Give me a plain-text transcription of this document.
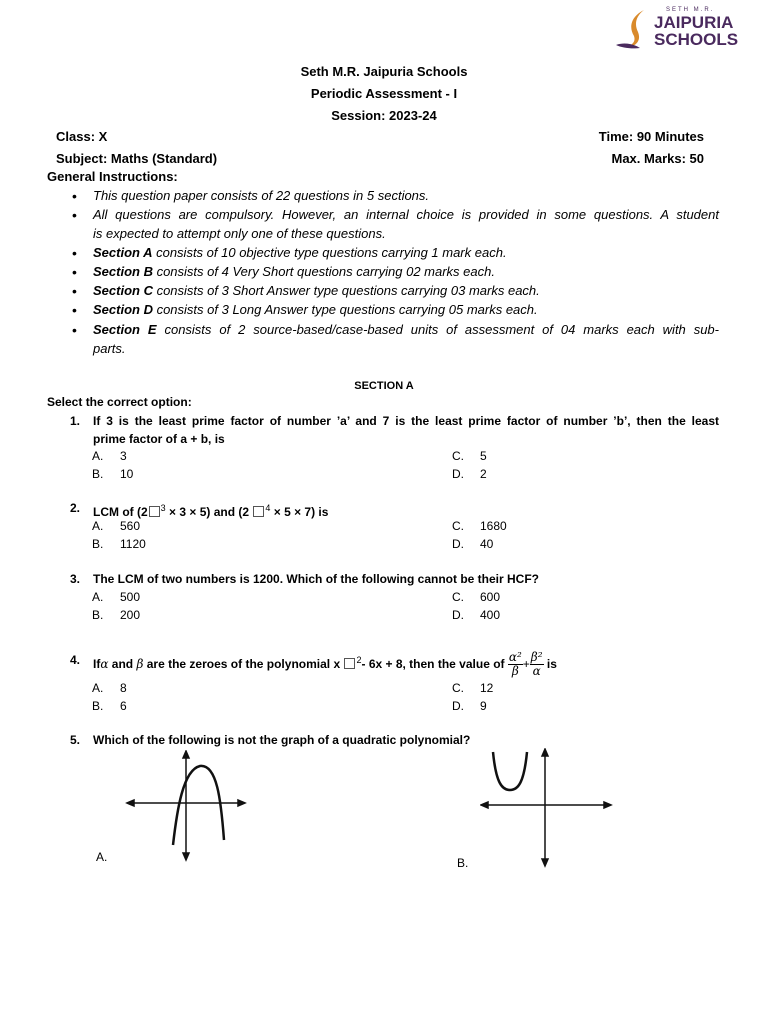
SETH M.R.
JAIPURIA
SCHOOLS
Seth M.R. Jaipuria Schools
Periodic Assessment - I
Session: 2023-24
Class: X	Time: 90 Minutes
Subject: Maths (Standard)	Max. Marks: 50
General Instructions:
• This question paper consists of 22 questions in 5 sections.
• All questions are compulsory. However, an internal choice is provided in some questions. A student
is expected to attempt only one of these questions.
• Section A consists of 10 objective type questions carrying 1 mark each.
• Section B consists of 4 Very Short questions carrying 02 marks each.
• Section C consists of 3 Short Answer type questions carrying 03 marks each.
• Section D consists of 3 Long Answer type questions carrying 05 marks each.
• Section E consists of 2 source-based/case-based units of assessment of 04 marks each with sub-
parts.
SECTION A
Select the correct option:
1. If 3 is the least prime factor of number ’a’ and 7 is the least prime factor of number ’b’, then the least
prime factor of a + b, is
A. 3
B. 10
C. 5
D. 2
2. LCM of (2 $^3$ × 3 × 5) and (2 $^4$ × 5 × 7) is
A. 560
B. 1120
C. 1680
D. 40
3. The LCM of two numbers is 1200. Which of the following cannot be their HCF?
A. 500
B. 200
C. 600
D. 400
4. Ifα and β are the zeroes of the polynomial x $^2$- 6x + 8, then the value of $\frac{\text{α²}}{\beta} + \frac{\text{β²}}{\alpha}$ is
A. 8
B. 6
C. 12
D. 9
5. Which of the following is not the graph of a quadratic polynomial?
A.	B.
